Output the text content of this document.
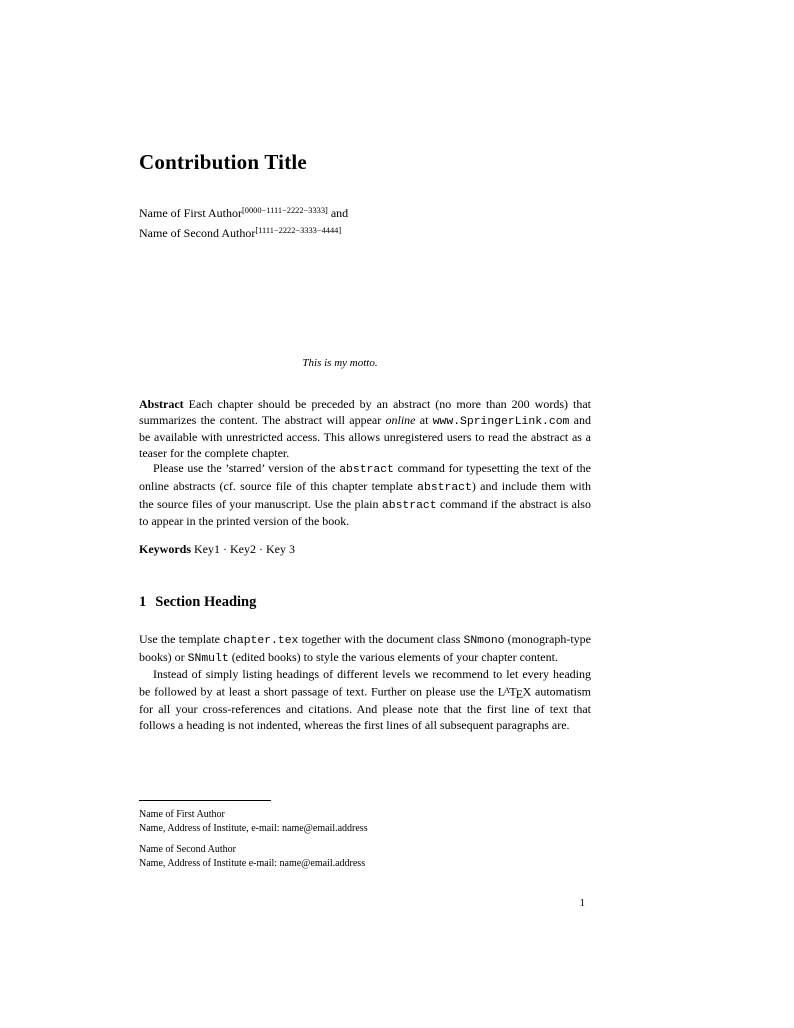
Contribution Title
Name of First Author[0000−1111−2222−3333] and
Name of Second Author[1111−2222−3333−4444]
This is my motto.

Abstract Each chapter should be preceded by an abstract (no more than 200 words) that summarizes the content. The abstract will appear online at www.SpringerLink.com and be available with unrestricted access. This allows unregistered users to read the abstract as a teaser for the complete chapter.

Please use the ’starred’ version of the abstract command for typesetting the text of the online abstracts (cf. source file of this chapter template abstract) and include them with the source files of your manuscript. Use the plain abstract command if the abstract is also to appear in the printed version of the book.

Keywords Key1 · Key2 · Key 3

1 Section Heading

Use the template chapter.tex together with the document class SNmono (monograph-type books) or SNmult (edited books) to style the various elements of your chapter content.

Instead of simply listing headings of different levels we recommend to let every heading be followed by at least a short passage of text. Further on please use the $L^ATEX$ automatism for all your cross-references and citations. And please note that the first line of text that follows a heading is not indented, whereas the first lines of all subsequent paragraphs are.

Name of First Author
Name, Address of Institute, e-mail: name@email.address
Name of Second Author
Name, Address of Institute e-mail: name@email.address
1
